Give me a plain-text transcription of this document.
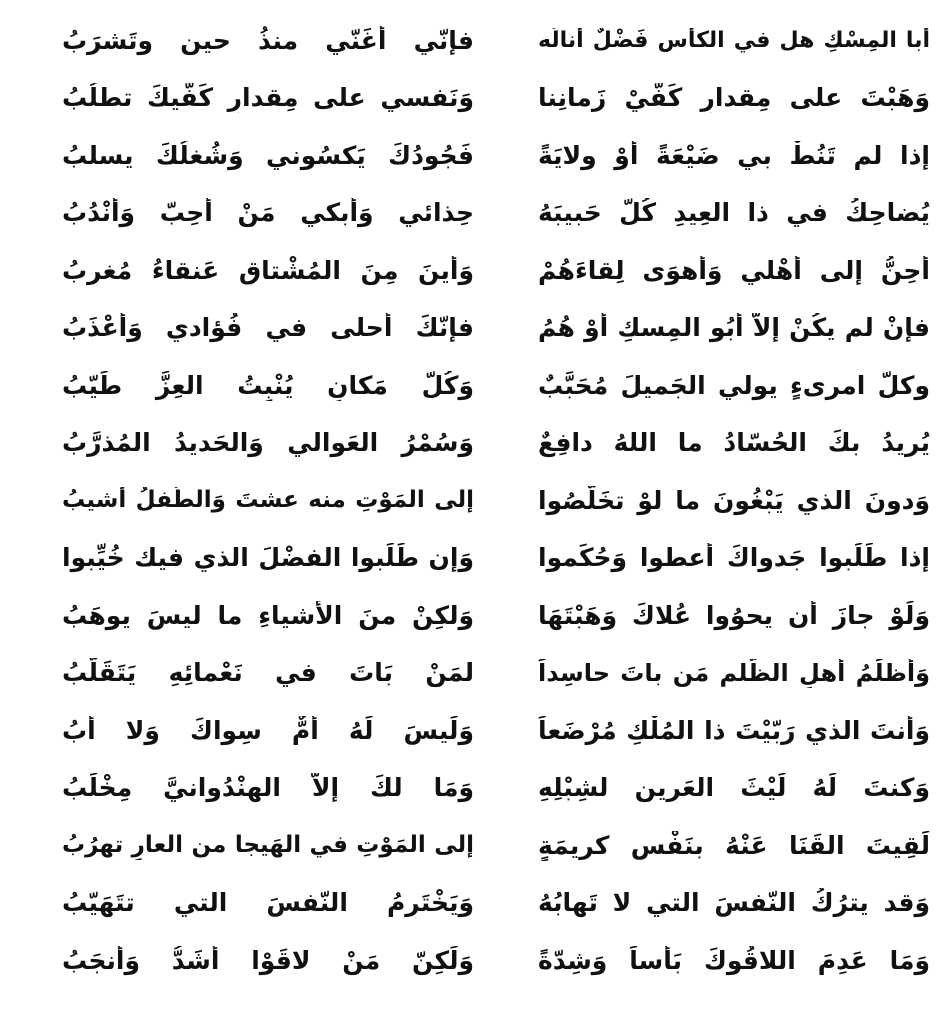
أبا المِسْكِ هل في الكأسِ فَضْلٌ أنالُه
فإنّي أُغَنّي منذُ حينٍ وتَشرَبُ
وَهَبْتَ على مِقدارِ كَفّيْ زَمانِنا
وَنَفسي على مِقدارِ كَفّيكَ تطلُبُ
إذا لم تَنُطْ بي ضَيْعَةً أوْ وِلايَةً
فَجُودُكَ يَكسُوني وَشُغلُكَ يسلبُ
يُضاحِكُ في ذا العِيدِ كُلٌّ حَبيبَهُ
حِذائي وَأبكي مَنْ أُحِبّ وَأنْدُبُ
أحِنُّ إلى أهْلي وَأهوَى لِقاءَهُمْ
وَأينَ مِنَ المُشْتاقِ عَنقاءُ مُغرِبُ
فإنْ لم يكُنْ إلاّ أبُو المِسكِ أوْ هُمُ
فإنّكَ أحلى في فُؤادي وَأعْذَبُ
وكلُّ امرىءٍ يولي الجَميلَ مُحَبَّبٌ
وَكُلُّ مَكانٍ يُنْبِتُ العِزَّ طَيّبُ
يُريدُ بكَ الحُسّادُ ما اللهُ دافِعٌ
وَسُمْرُ العَوالي وَالحَديدُ المُذرَّبُ
وَدونَ الذي يَبْغُونَ ما لوْ تخَلّصُوا
إلى المَوْتِ منه عشتَ وَالطّفلُ أشيبُ
إذا طَلَبوا جَدواكَ أُعطوا وَحُكِّموا
وَإن طَلَبوا الفضْلَ الذي فيك خُيِّبوا
وَلَوْ جازَ أن يحوُوا عُلاكَ وَهَبْتَهَا
وَلكِنْ منَ الأشياءِ ما ليسَ يوهَبُ
وَأظلَمُ أهلِ الظّلمِ مَن باتَ حاسِداً
لمَنْ بَاتَ في نَعْمائِهِ يَتَقَلّبُ
وَأنتَ الذي رَبّيْتَ ذا المُلْكِ مُرْضَعاً
وَلَيسَ لَهُ أُمٌّ سِواكَ وَلا أبُ
وَكنتَ لَهُ لَيْثَ العَرِينِ لشِبْلِهِ
وَمَا لكَ إلاّ الهِنْدُوانيَّ مِخْلَبُ
لَقِيتَ القَنَا عَنْهُ بنَفْسٍ كريمَةٍ
إلى المَوْتِ في الهَيجا من العارِ تهرُبُ
وَقد يترُكُ النّفسَ التي لا تَهابُهُ
وَيَخْتَرِمُ النّفسَ التي تتَهَيّبُ
وَمَا عَدِمَ اللاقُوكَ بَأساً وَشِدّةً
وَلَكِنّ مَنْ لاقَوْا أشَدُّ وَأنجَبُ
